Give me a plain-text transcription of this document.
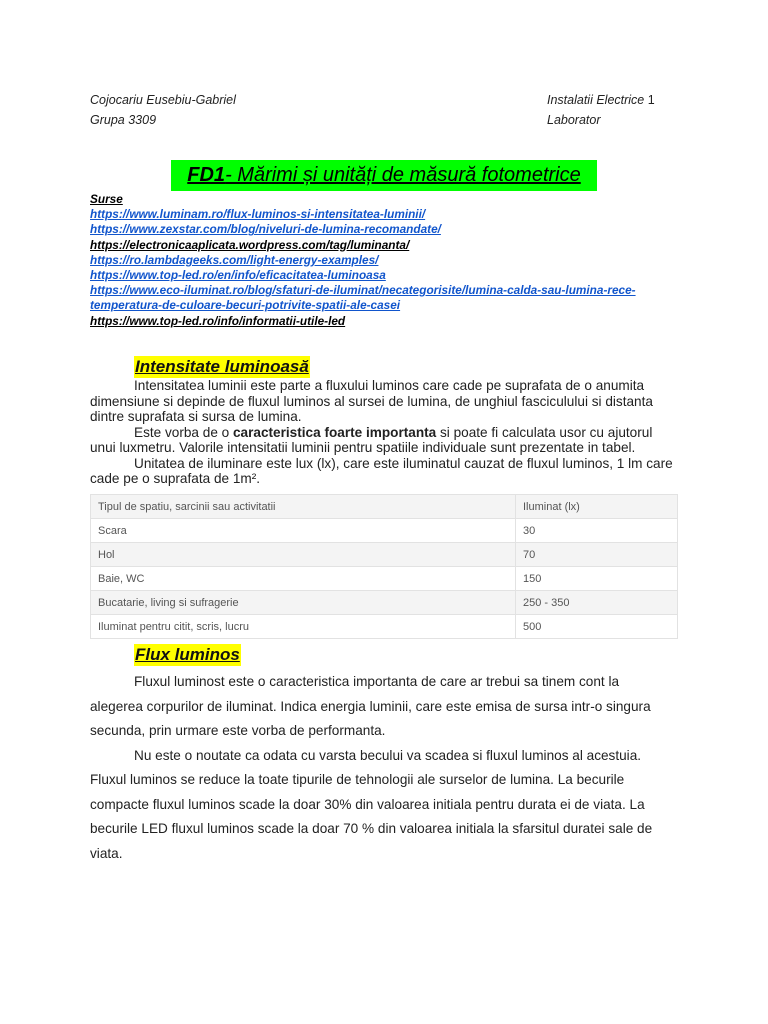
Cojocariu Eusebiu-Gabriel
Grupa 3309
Instalatii Electrice 1
Laborator
FD1- Mărimi și unități de măsură fotometrice
Surse
https://www.luminam.ro/flux-luminos-si-intensitatea-luminii/
https://www.zexstar.com/blog/niveluri-de-lumina-recomandate/
https://electronicaaplicata.wordpress.com/tag/luminanta/
https://ro.lambdageeks.com/light-energy-examples/
https://www.top-led.ro/en/info/eficacitatea-luminoasa
https://www.eco-iluminat.ro/blog/sfaturi-de-iluminat/necategorisite/lumina-calda-sau-lumina-rece-
temperatura-de-culoare-becuri-potrivite-spatii-ale-casei
https://www.top-led.ro/info/informatii-utile-led
Intensitate luminoasă

Intensitatea luminii este parte a fluxului luminos care cade pe suprafata de o anumita dimensiune si depinde de fluxul luminos al sursei de lumina, de unghiul fasciculului si distanta dintre suprafata si sursa de lumina.

Este vorba de o caracteristica foarte importanta si poate fi calculata usor cu ajutorul unui luxmetru. Valorile intensitatii luminii pentru spatiile individuale sunt prezentate in tabel.

Unitatea de iluminare este lux (lx), care este iluminatul cauzat de fluxul luminos, 1 lm care cade pe o suprafata de 1m².

Tipul de spatiu, sarcinii sau activitatii	Iluminat (lx)
Scara	30
Hol	70
Baie, WC	150
Bucatarie, living si sufragerie	250 - 350
Iluminat pentru citit, scris, lucru	500
Flux luminos

Fluxul luminost este o caracteristica importanta de care ar trebui sa tinem cont la alegerea corpurilor de iluminat. Indica energia luminii, care este emisa de sursa intr-o singura secunda, prin urmare este vorba de performanta.

Nu este o noutate ca odata cu varsta becului va scadea si fluxul luminos al acestuia. Fluxul luminos se reduce la toate tipurile de tehnologii ale surselor de lumina. La becurile compacte fluxul luminos scade la doar 30% din valoarea initiala pentru durata ei de viata. La becurile LED fluxul luminos scade la doar 70 % din valoarea initiala la sfarsitul duratei sale de viata.
